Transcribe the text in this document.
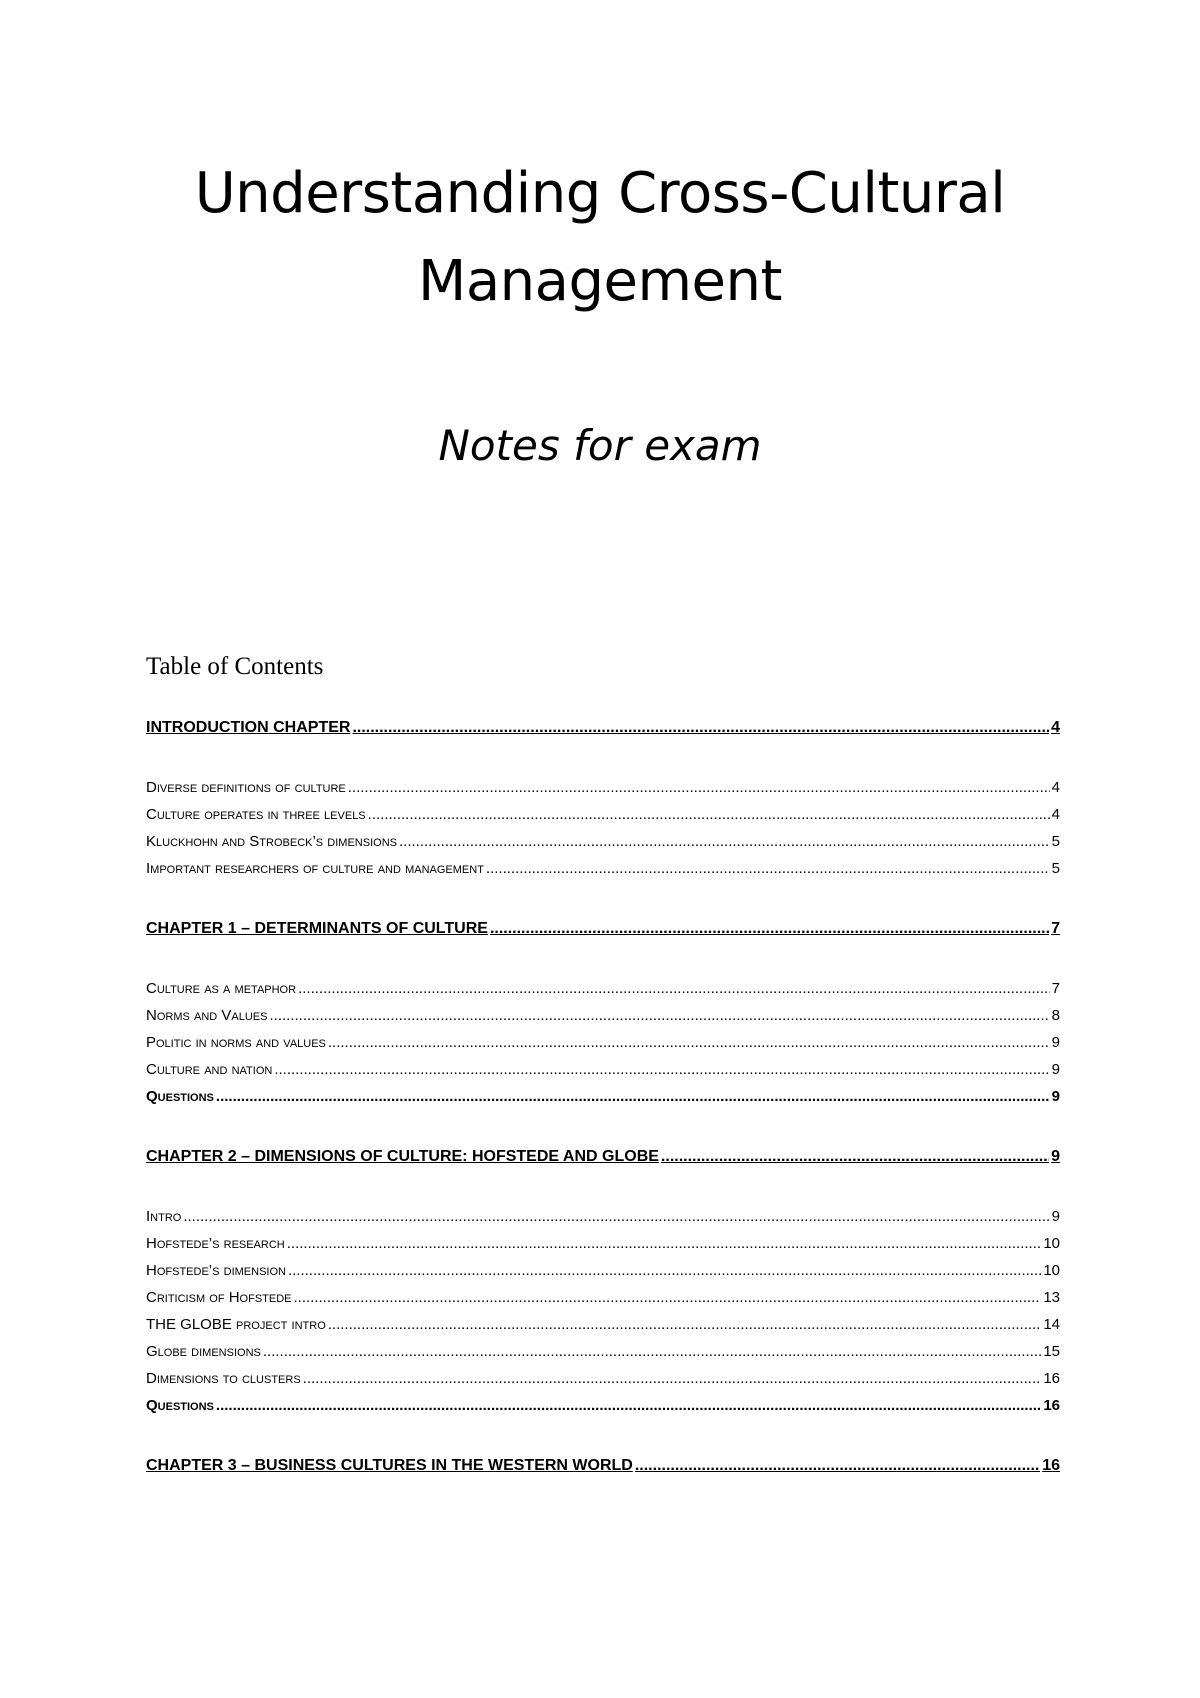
Understanding Cross-Cultural
Management

Notes for exam

Table of Contents
INTRODUCTION CHAPTER .....	4
Diverse definitions of culture .....	4
Culture operates in three levels .....	4
Kluckhohn and Strobeck’s dimensions .....	5
Important researchers of culture and management .....	5
CHAPTER 1 – DETERMINANTS OF CULTURE .....	7
Culture as a metaphor .....	7
Norms and Values .....	8
Politic in norms and values .....	9
Culture and nation .....	9
Questions .....	9
CHAPTER 2 – DIMENSIONS OF CULTURE: HOFSTEDE AND GLOBE .....	9
Intro .....	9
Hofstede’s research .....	10
Hofstede’s dimension .....	10
Criticism of Hofstede .....	13
THE GLOBE project intro .....	14
Globe dimensions .....	15
Dimensions to clusters .....	16
Questions .....	16
CHAPTER 3 – BUSINESS CULTURES IN THE WESTERN WORLD .....	16
